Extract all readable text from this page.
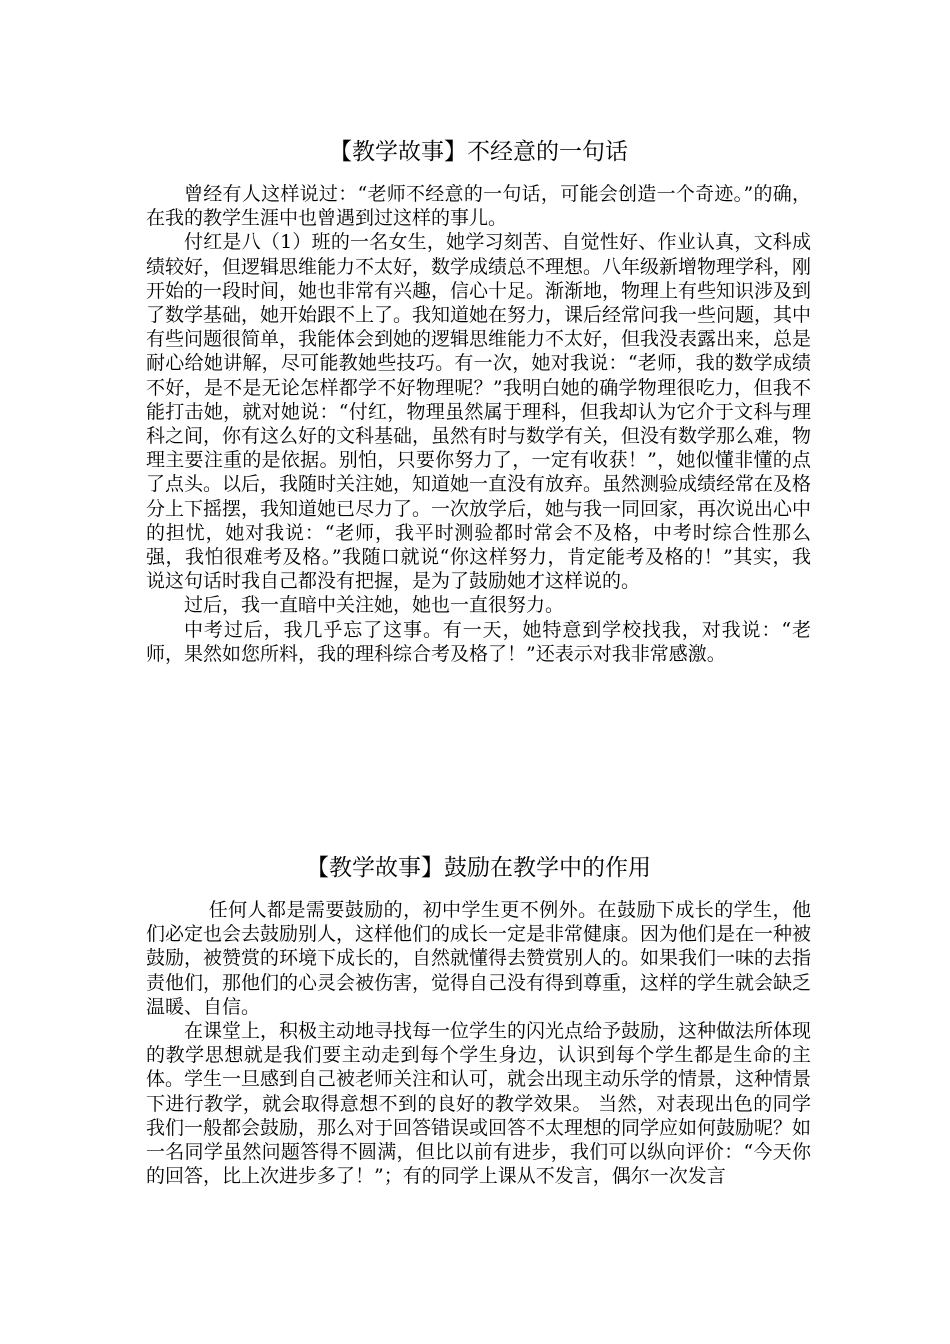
【教学故事】不经意的一句话

曾经有人这样说过：“老师不经意的一句话，可能会创造一个奇迹。”的确，在我的教学生涯中也曾遇到过这样的事儿。

付红是八（1）班的一名女生，她学习刻苦、自觉性好、作业认真，文科成绩较好，但逻辑思维能力不太好，数学成绩总不理想。八年级新增物理学科，刚开始的一段时间，她也非常有兴趣，信心十足。渐渐地，物理上有些知识涉及到了数学基础，她开始跟不上了。我知道她在努力，课后经常问我一些问题，其中有些问题很简单，我能体会到她的逻辑思维能力不太好，但我没表露出来，总是耐心给她讲解，尽可能教她些技巧。有一次，她对我说：“老师，我的数学成绩不好，是不是无论怎样都学不好物理呢？”我明白她的确学物理很吃力，但我不能打击她，就对她说：“付红，物理虽然属于理科，但我却认为它介于文科与理科之间，你有这么好的文科基础，虽然有时与数学有关，但没有数学那么难，物理主要注重的是依据。别怕，只要你努力了，一定有收获！”，她似懂非懂的点了点头。以后，我随时关注她，知道她一直没有放弃。虽然测验成绩经常在及格分上下摇摆，我知道她已尽力了。一次放学后，她与我一同回家，再次说出心中的担忧，她对我说：“老师，我平时测验都时常会不及格，中考时综合性那么强，我怕很难考及格。”我随口就说“你这样努力，肯定能考及格的！”其实，我说这句话时我自己都没有把握，是为了鼓励她才这样说的。

过后，我一直暗中关注她，她也一直很努力。

中考过后，我几乎忘了这事。有一天，她特意到学校找我，对我说：“老师，果然如您所料，我的理科综合考及格了！”还表示对我非常感激。

【教学故事】鼓励在教学中的作用

任何人都是需要鼓励的，初中学生更不例外。在鼓励下成长的学生，他们必定也会去鼓励别人，这样他们的成长一定是非常健康。因为他们是在一种被鼓励，被赞赏的环境下成长的，自然就懂得去赞赏别人的。如果我们一味的去指责他们，那他们的心灵会被伤害，觉得自己没有得到尊重，这样的学生就会缺乏温暖、自信。

在课堂上，积极主动地寻找每一位学生的闪光点给予鼓励，这种做法所体现的教学思想就是我们要主动走到每个学生身边，认识到每个学生都是生命的主体。学生一旦感到自己被老师关注和认可，就会出现主动乐学的情景，这种情景下进行教学，就会取得意想不到的良好的教学效果。 当然，对表现出色的同学我们一般都会鼓励，那么对于回答错误或回答不太理想的同学应如何鼓励呢？如一名同学虽然问题答得不圆满，但比以前有进步，我们可以纵向评价：“今天你的回答，比上次进步多了！”；有的同学上课从不发言，偶尔一次发言
